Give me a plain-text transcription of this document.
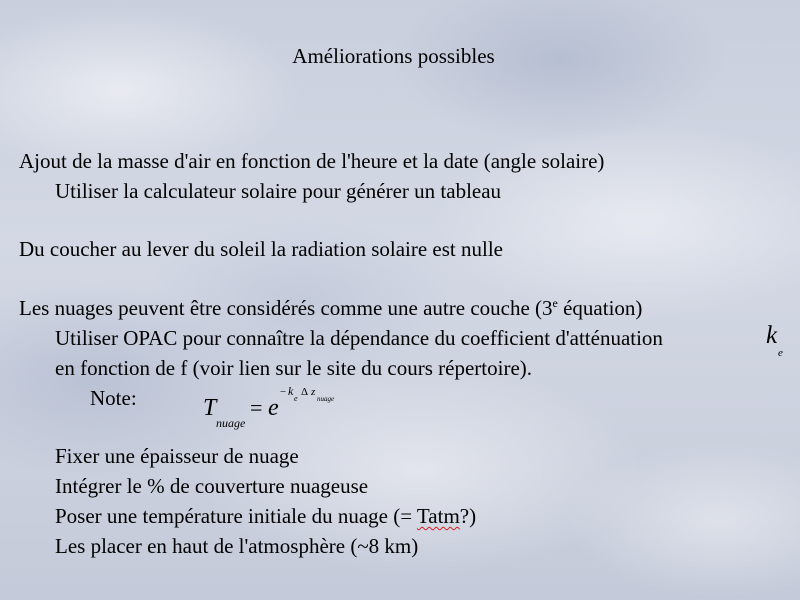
Améliorations possibles
Ajout de la masse d'air en fonction de l'heure et la date (angle solaire)
Utiliser la calculateur solaire pour générer un tableau
Du coucher au lever du soleil la radiation solaire est nulle
Les nuages peuvent être considérés comme une autre couche (3e équation)
Utiliser OPAC pour connaître la dépendance du coefficient d'atténuation	k
e
en fonction de f (voir lien sur le site du cours répertoire).
Note:	T
nuage
= e
− k
e
Δ z
nuage
Fixer une épaisseur de nuage
Intégrer le % de couverture nuageuse
Poser une température initiale du nuage (= Tatm?)
Les placer en haut de l'atmosphère (~8 km)
